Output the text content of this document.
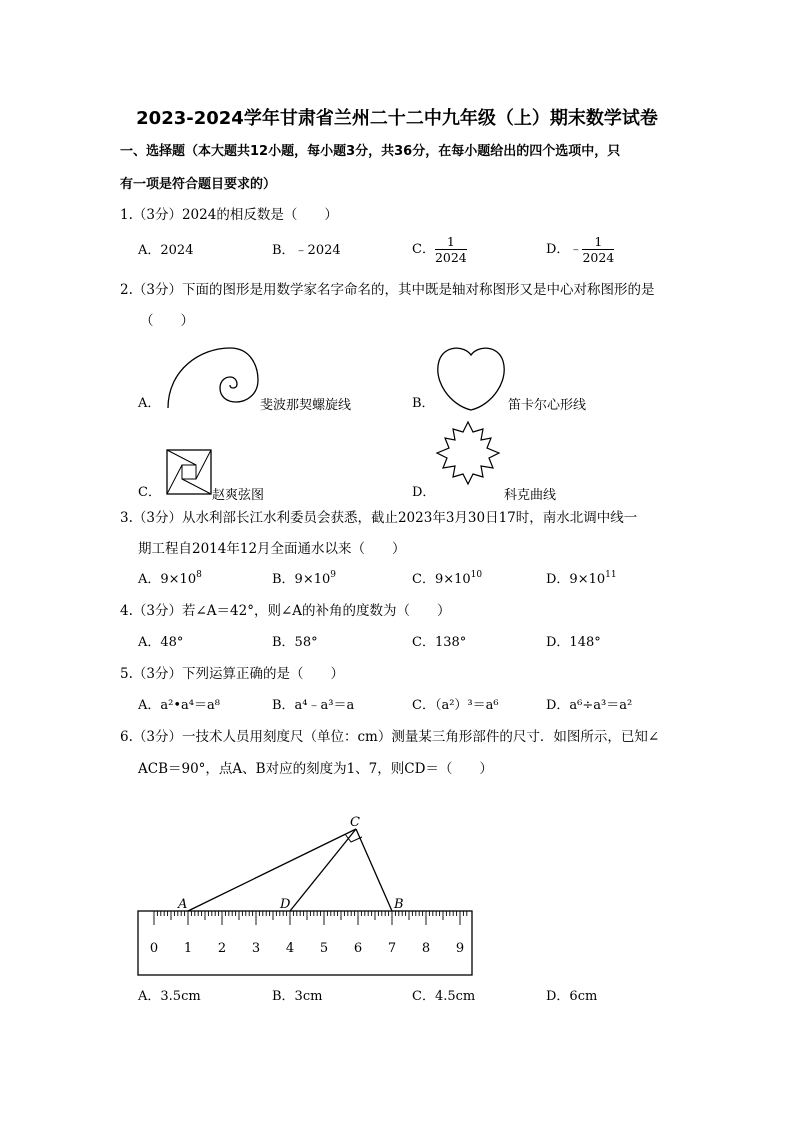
2023-2024学年甘肃省兰州二十二中九年级（上）期末数学试卷
一、选择题（本大题共12小题，每小题3分，共36分，在每小题给出的四个选项中，只
有一项是符合题目要求的）
1.（3分）2024的相反数是（　　）
A．2024	B．﹣2024	C． $\frac{1}{2024}$	D．﹣ $\frac{1}{2024}$
2.（3分）下面的图形是用数学家名字命名的，其中既是轴对称图形又是中心对称图形的是
（　　）
A．	斐波那契螺旋线	B．	笛卡尔心形线
C．	赵爽弦图	D．	科克曲线
3.（3分）从水利部长江水利委员会获悉，截止2023年3月30日17时，南水北调中线一
期工程自2014年12月全面通水以来（　　）
A．$9\times 10^8$	B．$9\times 10^9$	C．$9\times 10^{10}$	D．$9\times 10^{11}$
4.（3分）若∠A＝42°，则∠A的补角的度数为（　　）
A．48°	B．58°	C．138°	D．148°
5.（3分）下列运算正确的是（　　）
A．a²•a⁴＝a⁸	B．a⁴﹣a³＝a	C．（a²）³＝a⁶	D．a⁶÷a³＝a²
6.（3分）一技术人员用刻度尺（单位：cm）测量某三角形部件的尺寸．如图所示，已知∠
ACB＝90°，点A、B对应的刻度为1、7，则CD＝（　　）
C
A	D	B
0 1 2 3 4 5 6 7 8 9
A．3.5cm	B．3cm	C．4.5cm	D．6cm
